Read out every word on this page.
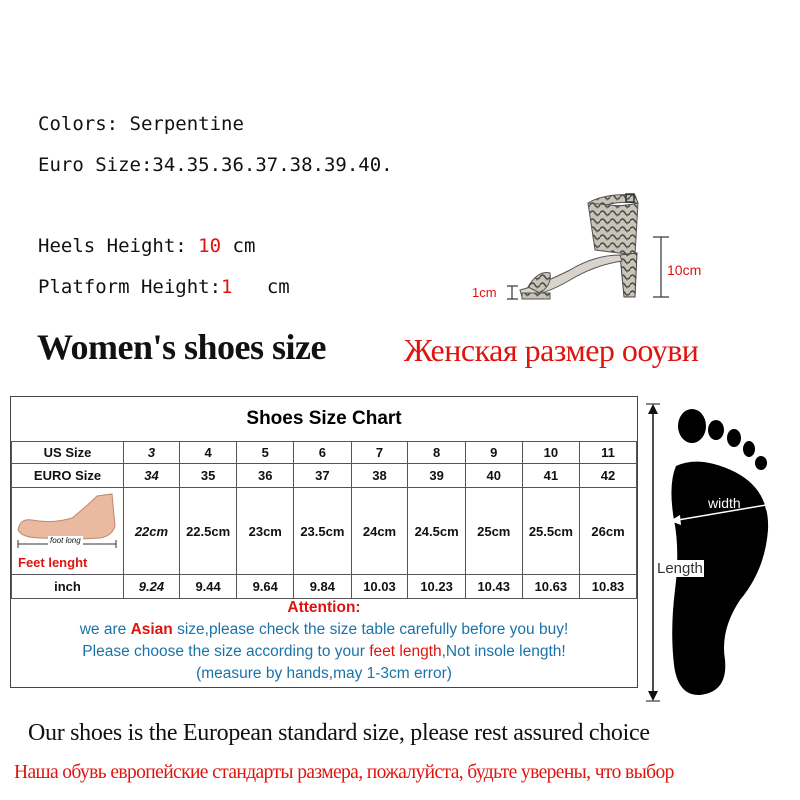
Colors: Serpentine
Euro Size:34.35.36.37.38.39.40.
Heels Height: 10 cm
Platform Height:1 cm	1cm
10cm
Women's shoes size Женская размер ооуви
Shoes Size Chart
US Size	3	4	5	6	7	8	9	10	11
EURO Size	34	35	36	37	38	39	40	41	42

foot long
Feet lenght	22cm	22.5cm	23cm	23.5cm	24cm	24.5cm	25cm	25.5cm	26cm
inch	9.24	9.44	9.64	9.84	10.03	10.23	10.43	10.63	10.83
Attention:
we are Asian size,please check the size table carefully before you buy!
Please choose the size according to your feet length,Not insole length!
(measure by hands,may 1-3cm error)
width
Length
Our shoes is the European standard size, please rest assured choice
Наша обувь европейские стандарты размера, пожалуйста, будьте уверены, что выбор
